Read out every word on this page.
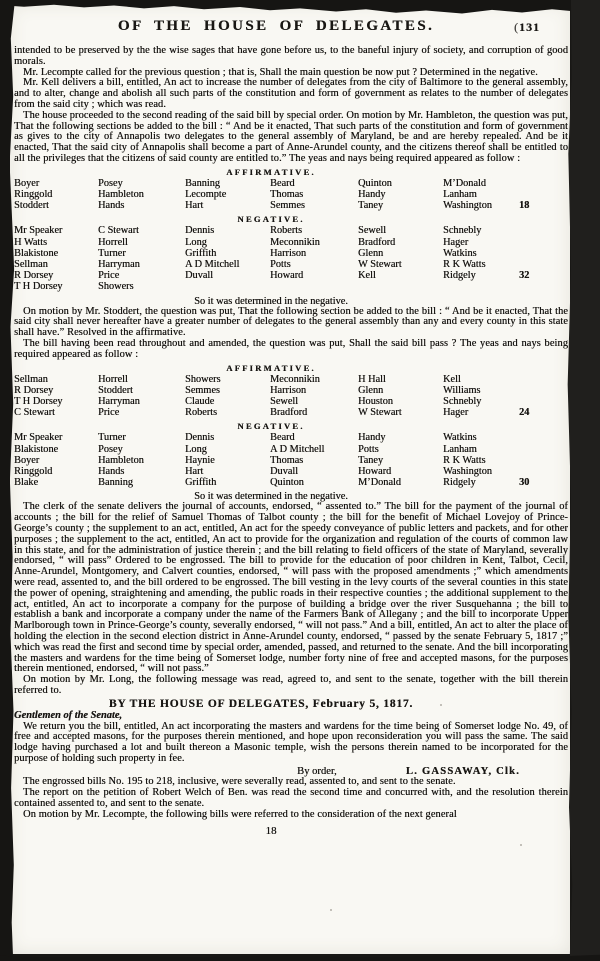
OF THE HOUSE OF DELEGATES.	(131

intended to be preserved by the the wise sages that have gone before us, to the baneful injury of society, and corruption of good morals.

Mr. Lecompte called for the previous question ; that is, Shall the main question be now put ? Determined in the negative.

Mr. Kell delivers a bill, entitled, An act to increase the number of delegates from the city of Baltimore to the general assembly, and to alter, change and abolish all such parts of the constitution and form of government as relates to the number of delegates from the said city ; which was read.

The house proceeded to the second reading of the said bill by special order. On motion by Mr. Hambleton, the question was put, That the following sections be added to the bill : “ And be it enacted, That such parts of the constitution and form of government as gives to the city of Annapolis two delegates to the general assembly of Maryland, be and are hereby repealed. And be it enacted, That the said city of Annapolis shall become a part of Anne-Arundel county, and the citizens thereof shall be entitled to all the privileges that the citizens of said county are entitled to.” The yeas and nays being required appeared as follow :

AFFIRMATIVE.
Boyer	Posey	Banning	Beard	Quinton	M’Donald
Ringgold	Hambleton	Lecompte	Thomas	Handy	Lanham
Stoddert	Hands	Hart	Semmes	Taney	Washington	18
NEGATIVE.
Mr Speaker	C Stewart	Dennis	Roberts	Sewell	Schnebly
H Watts	Horrell	Long	Meconnikin	Bradford	Hager
Blakistone	Turner	Griffith	Harrison	Glenn	Watkins
Sellman	Harryman	A D Mitchell	Potts	W Stewart	R K Watts
R Dorsey	Price	Duvall	Howard	Kell	Ridgely	32
T H Dorsey	Showers
So it was determined in the negative.

On motion by Mr. Stoddert, the question was put, That the following section be added to the bill : “ And be it enacted, That the said city shall never hereafter have a greater number of delegates to the general assembly than any and every county in this state shall have.” Resolved in the affirmative.

The bill having been read throughout and amended, the question was put, Shall the said bill pass ? The yeas and nays being required appeared as follow :

AFFIRMATIVE.
Sellman	Horrell	Showers	Meconnikin	H Hall	Kell
R Dorsey	Stoddert	Semmes	Harrison	Glenn	Williams
T H Dorsey	Harryman	Claude	Sewell	Houston	Schnebly
C Stewart	Price	Roberts	Bradford	W Stewart	Hager	24
NEGATIVE.
Mr Speaker	Turner	Dennis	Beard	Handy	Watkins
Blakistone	Posey	Long	A D Mitchell	Potts	Lanham
Boyer	Hambleton	Haynie	Thomas	Taney	R K Watts
Ringgold	Hands	Hart	Duvall	Howard	Washington
Blake	Banning	Griffith	Quinton	M’Donald	Ridgely	30
So it was determined in the negative.

The clerk of the senate delivers the journal of accounts, endorsed, “ assented to.” The bill for the payment of the journal of accounts ; the bill for the relief of Samuel Thomas of Talbot county ; the bill for the benefit of Michael Lovejoy of Prince-George’s county ; the supplement to an act, entitled, An act for the speedy conveyance of public letters and packets, and for other purposes ; the supplement to the act, entitled, An act to provide for the organization and regulation of the courts of common law in this state, and for the administration of justice therein ; and the bill relating to field officers of the state of Maryland, severally endorsed, “ will pass” Ordered to be engrossed. The bill to provide for the education of poor children in Kent, Talbot, Cecil, Anne-Arundel, Montgomery, and Calvert counties, endorsed, “ will pass with the proposed amendments ;” which amendments were read, assented to, and the bill ordered to be engrossed. The bill vesting in the levy courts of the several counties in this state the power of opening, straightening and amending, the public roads in their respective counties ; the additional supplement to the act, entitled, An act to incorporate a company for the purpose of building a bridge over the river Susquehanna ; the bill to establish a bank and incorporate a company under the name of the Farmers Bank of Allegany ; and the bill to incorporate Upper Marlborough town in Prince-George’s county, severally endorsed, “ will not pass.” And a bill, entitled, An act to alter the place of holding the election in the second election district in Anne-Arundel county, endorsed, “ passed by the senate February 5, 1817 ;” which was read the first and second time by special order, amended, passed, and returned to the senate. And the bill incorporating the masters and wardens for the time being of Somerset lodge, number forty nine of free and accepted masons, for the purposes therein mentioned, endorsed, “ will not pass.”

On motion by Mr. Long, the following message was read, agreed to, and sent to the senate, together with the bill therein referred to.

BY THE HOUSE OF DELEGATES, February 5, 1817.
Gentlemen of the Senate,

We return you the bill, entitled, An act incorporating the masters and wardens for the time being of Somerset lodge No. 49, of free and accepted masons, for the purposes therein mentioned, and hope upon reconsideration you will pass the same. The said lodge having purchased a lot and built thereon a Masonic temple, wish the persons therein named to be incorporated for the purpose of holding such property in fee.

By order,	L. GASSAWAY, Clk.

The engrossed bills No. 195 to 218, inclusive, were severally read, assented to, and sent to the senate.

The report on the petition of Robert Welch of Ben. was read the second time and concurred with, and the resolution therein contained assented to, and sent to the senate.

On motion by Mr. Lecompte, the following bills were referred to the consideration of the next general

18
